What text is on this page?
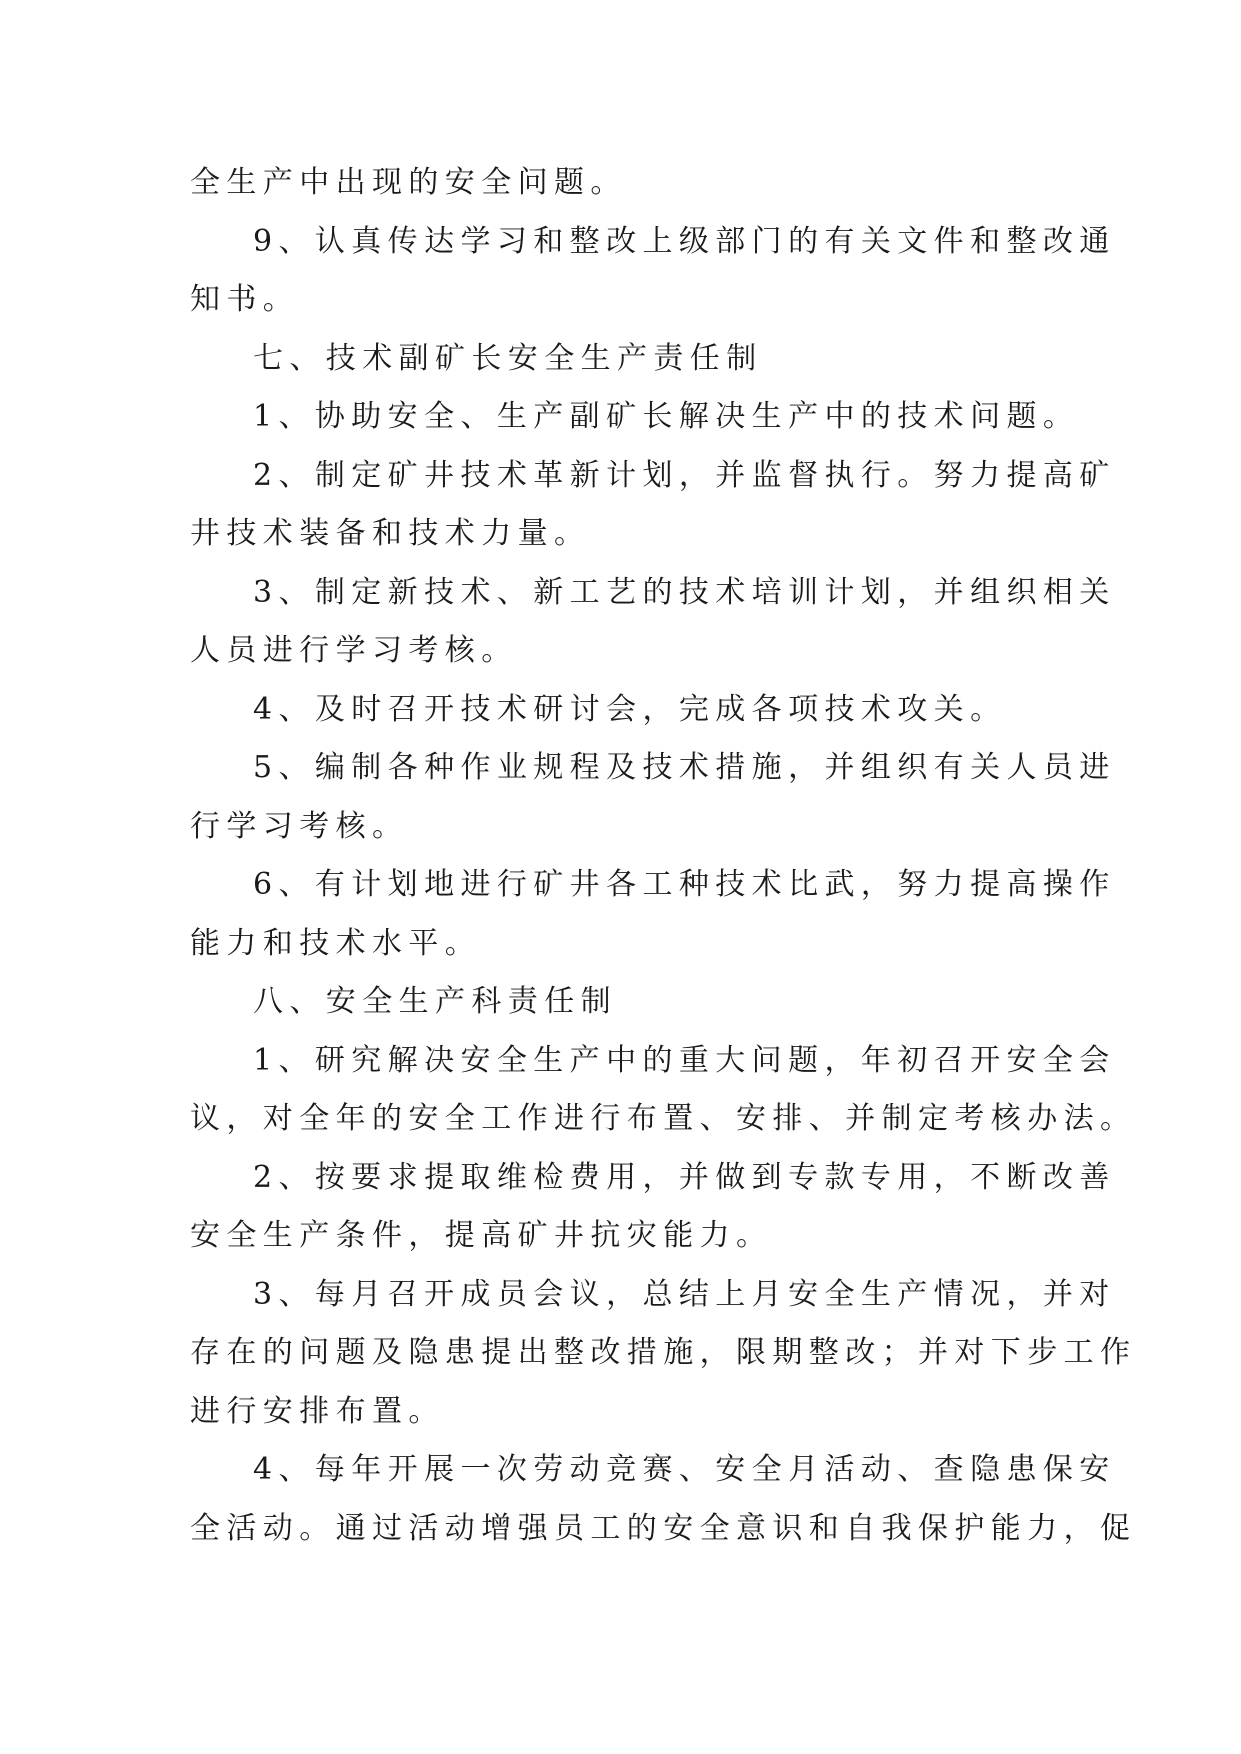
全生产中出现的安全问题。
9、认真传达学习和整改上级部门的有关文件和整改通
知书。
七、技术副矿长安全生产责任制
1、协助安全、生产副矿长解决生产中的技术问题。
2、制定矿井技术革新计划，并监督执行。努力提高矿
井技术装备和技术力量。
3、制定新技术、新工艺的技术培训计划，并组织相关
人员进行学习考核。
4、及时召开技术研讨会，完成各项技术攻关。
5、编制各种作业规程及技术措施，并组织有关人员进
行学习考核。
6、有计划地进行矿井各工种技术比武，努力提高操作
能力和技术水平。
八、安全生产科责任制
1、研究解决安全生产中的重大问题，年初召开安全会
议，对全年的安全工作进行布置、安排、并制定考核办法。
2、按要求提取维检费用，并做到专款专用，不断改善
安全生产条件，提高矿井抗灾能力。
3、每月召开成员会议，总结上月安全生产情况，并对
存在的问题及隐患提出整改措施，限期整改；并对下步工作
进行安排布置。
4、每年开展一次劳动竞赛、安全月活动、查隐患保安
全活动。通过活动增强员工的安全意识和自我保护能力，促
